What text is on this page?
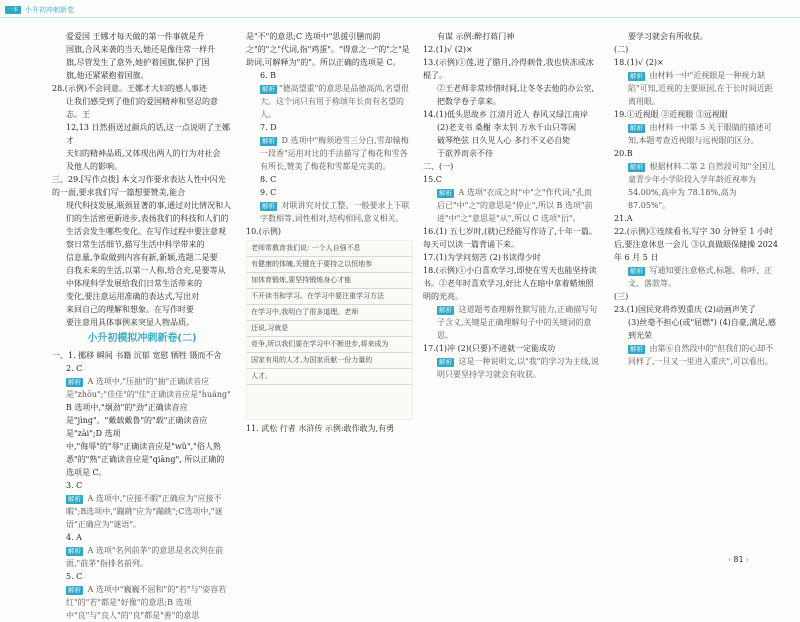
一本	小升初冲刺新卷

爱爱国 王娜才每天做的第一件事就是升

国旗,合风来袭的当天,她还是像往常一样升

旗,尽管发生了意外,她护着国旗,保护了国

旗,他还紧紧抱着国旗。

28.(示例)不会同意。王娜才大妇的感人事迹

让我们感受到了他们的爱国精神和坚忍的意志。王

12,13 日然捐送过颜兵的话,这一点说明了王娜才

夫妇的精神品质,又体现出两人的行为对社会

及他人的影响。

三、29.[写作点拨] 本文习作要求表达人性中闪光的一面,要求我们写一篇想要赞美,能合

现代科技发展,瓶颈显著的事,通过对比情况和人们的生活密更新进步,表扬我们的科技和人们的

生活会发生哪些变化。在写作过程中要注意观察日常生活细节,描写生活中科学带来的

信息量,争取做到内容有新,新颖,选题二是要

自我未来的生活,以第一人称,给合充,是要等从中体现科学发展给我们日常生活带来的

变化,要注意运用准确的表达式,写出对

来回自己的理解和想象。在写作时要

要注意用具体事例来突显人物品质。

小升初模拟冲刺新卷(二)

一、1. 挪移 瞬间 书籍 沉郁 宽慰 牺牲 镊而不舍

2. C

解析 A 选项中,"压抽"的"抽"正确读音应是"zhōu";"佳佳"的"佳"正确读音应是"huáng"

B 选项中,"炯劲"的"劲"正确读音应是"jìng"。"戴载戴鲁"的"载"正确读音应是"zài";D 选项

中,"侮辱"的"辱"正确读音应是"wǔ","俗人熟悉"的"熟"正确读音应是"qiāng", 所以正确的选项是 C。

3. C

解析 A 选项中,"应接不暇"正确应为"应接不暇";B选项中,"蹦跳"应为"蹦跳";C选项中,"谜语"正确应为"谜语"。

4. A

解析 A 选项"名列前茅"的意思是名次列在前面,"前茅"指排名前列。

5. C

解析 A 选项中"巍巍不屈和"的"若"与"姿容若红"的"若"都是"好像"的意思;B 选项中"良"与"良人"的"良"都是"善"的意思

是"不"的意思;C 选项中"思援引膳而韵之"的"之"代词,指"鸡蛋"。"得意之一"的"之"是助词,可解释为"的"。所以正确的选项是 C。

6. B

解析 "德高望重"的意思是品德高尚,名望很大。这个词只有用于称颂年长而有名望的人。

7. D

解析 D 选项中"梅须逊雪三分白,雪却输梅一段香"运用对比的手法描写了梅花和雪各有所长,赞美了梅花和雪都是完美的。

8. C

9. C

解析 对联讲究对仗工整。一般要求上下联字数相等,词性相对,结构相同,意义相关。

10.(示例)

老师常教育我们说: 一个人自强不息
有健康的体魄,关键在于要持之以恒地参
加体育锻炼,要坚持锻炼身心才能
不开读书和学习。在学习中要注重学习方法
在学习中,我明白了很多道理。老师
还说,习就是
竞争,所以我们要在学习中不断进步,将来成为
国家有用的人才,为国家贡献一份力量的
人才。

11. 武松 行者 水浒传 示例:敢作敢为,有勇

有谋 示例:醉打蒋门神

12.(1)√ (2)×

13.(示例)①莲,进了腊月,冷得刺骨,我也快冻成冰棍了。

②王老师非常珍惜时间,让冬冬去他的办公室,把数学卷子拿来。

14.(1)低头思故乡 江清月近人 春风又绿江南岸

(2)老支书 桑榭 李太钊 万水千山只等闲

破琴绝弦 日久见人心 多行不义必自毙

于欲养而亲不待

二、(一)

15.C

解析 A 选项"衣成之时"中"之"作代词;"孔而后已"中"之"的意思是"停止",所以 B 选项"前进"中"之"意思是"从",所以 C 选项"衍"。

16.(1) 五七岁时,(就)已经能写作诗了,十年一篇。每天可以读一篇背诵下来。

17.(1)为学问刻苦 (2)书读得少时

18.(示例)①小白喜欢学习,即使在雪天也能坚持读书。②老年时喜欢学习,好比人在暗中拿着蜡烛照明的光亮。

解析 这道题考查理解性默写能力,正确描写句子含义,关键是正确理解句子中的关键词的意思。

17.(1)冲 (2)(只要)不进就一定能成功

解析 这是一种说明文,以"我"的学习为主线,说明只要坚持学习就会有收获。

要学习就会有所收获。

(二)

18.(1)√ (2)×

解析 由材料一中"近视眼是一种视力缺陷"可知,近视的主要原因,在于长时间近距离用眼。

19.①近视眼 ②近视眼 ③远视眼

解析 由材料一中第 5 关于眼睛的描述可知,本题考查近视眼与远视眼的区分。

20.B

解析 根据材料二第 2 自然段可知"全国儿童青少年小学阶段入学年龄近视率为 54.00%,高中为 78.18%,高为 87.05%"。

21.A

22.(示例)①连续看书,写字 30 分钟至 1 小时后,要注意休息一会儿 ③认真做眼保健操 2024 年 6 月 5 日

解析 写通知要注意格式,标题、称呼、正文、落款等。

(三)

23.(1)国民党将炸毁重庆 (2)动画声笑了

(3)丝毫不担心(或"屈燃") (4)自豪,满足,感到光荣

解析 由第⑥自然段中的"但我们的心却不同样了,一旦又一里进入重庆",可以看出。

‹ 81 ›
